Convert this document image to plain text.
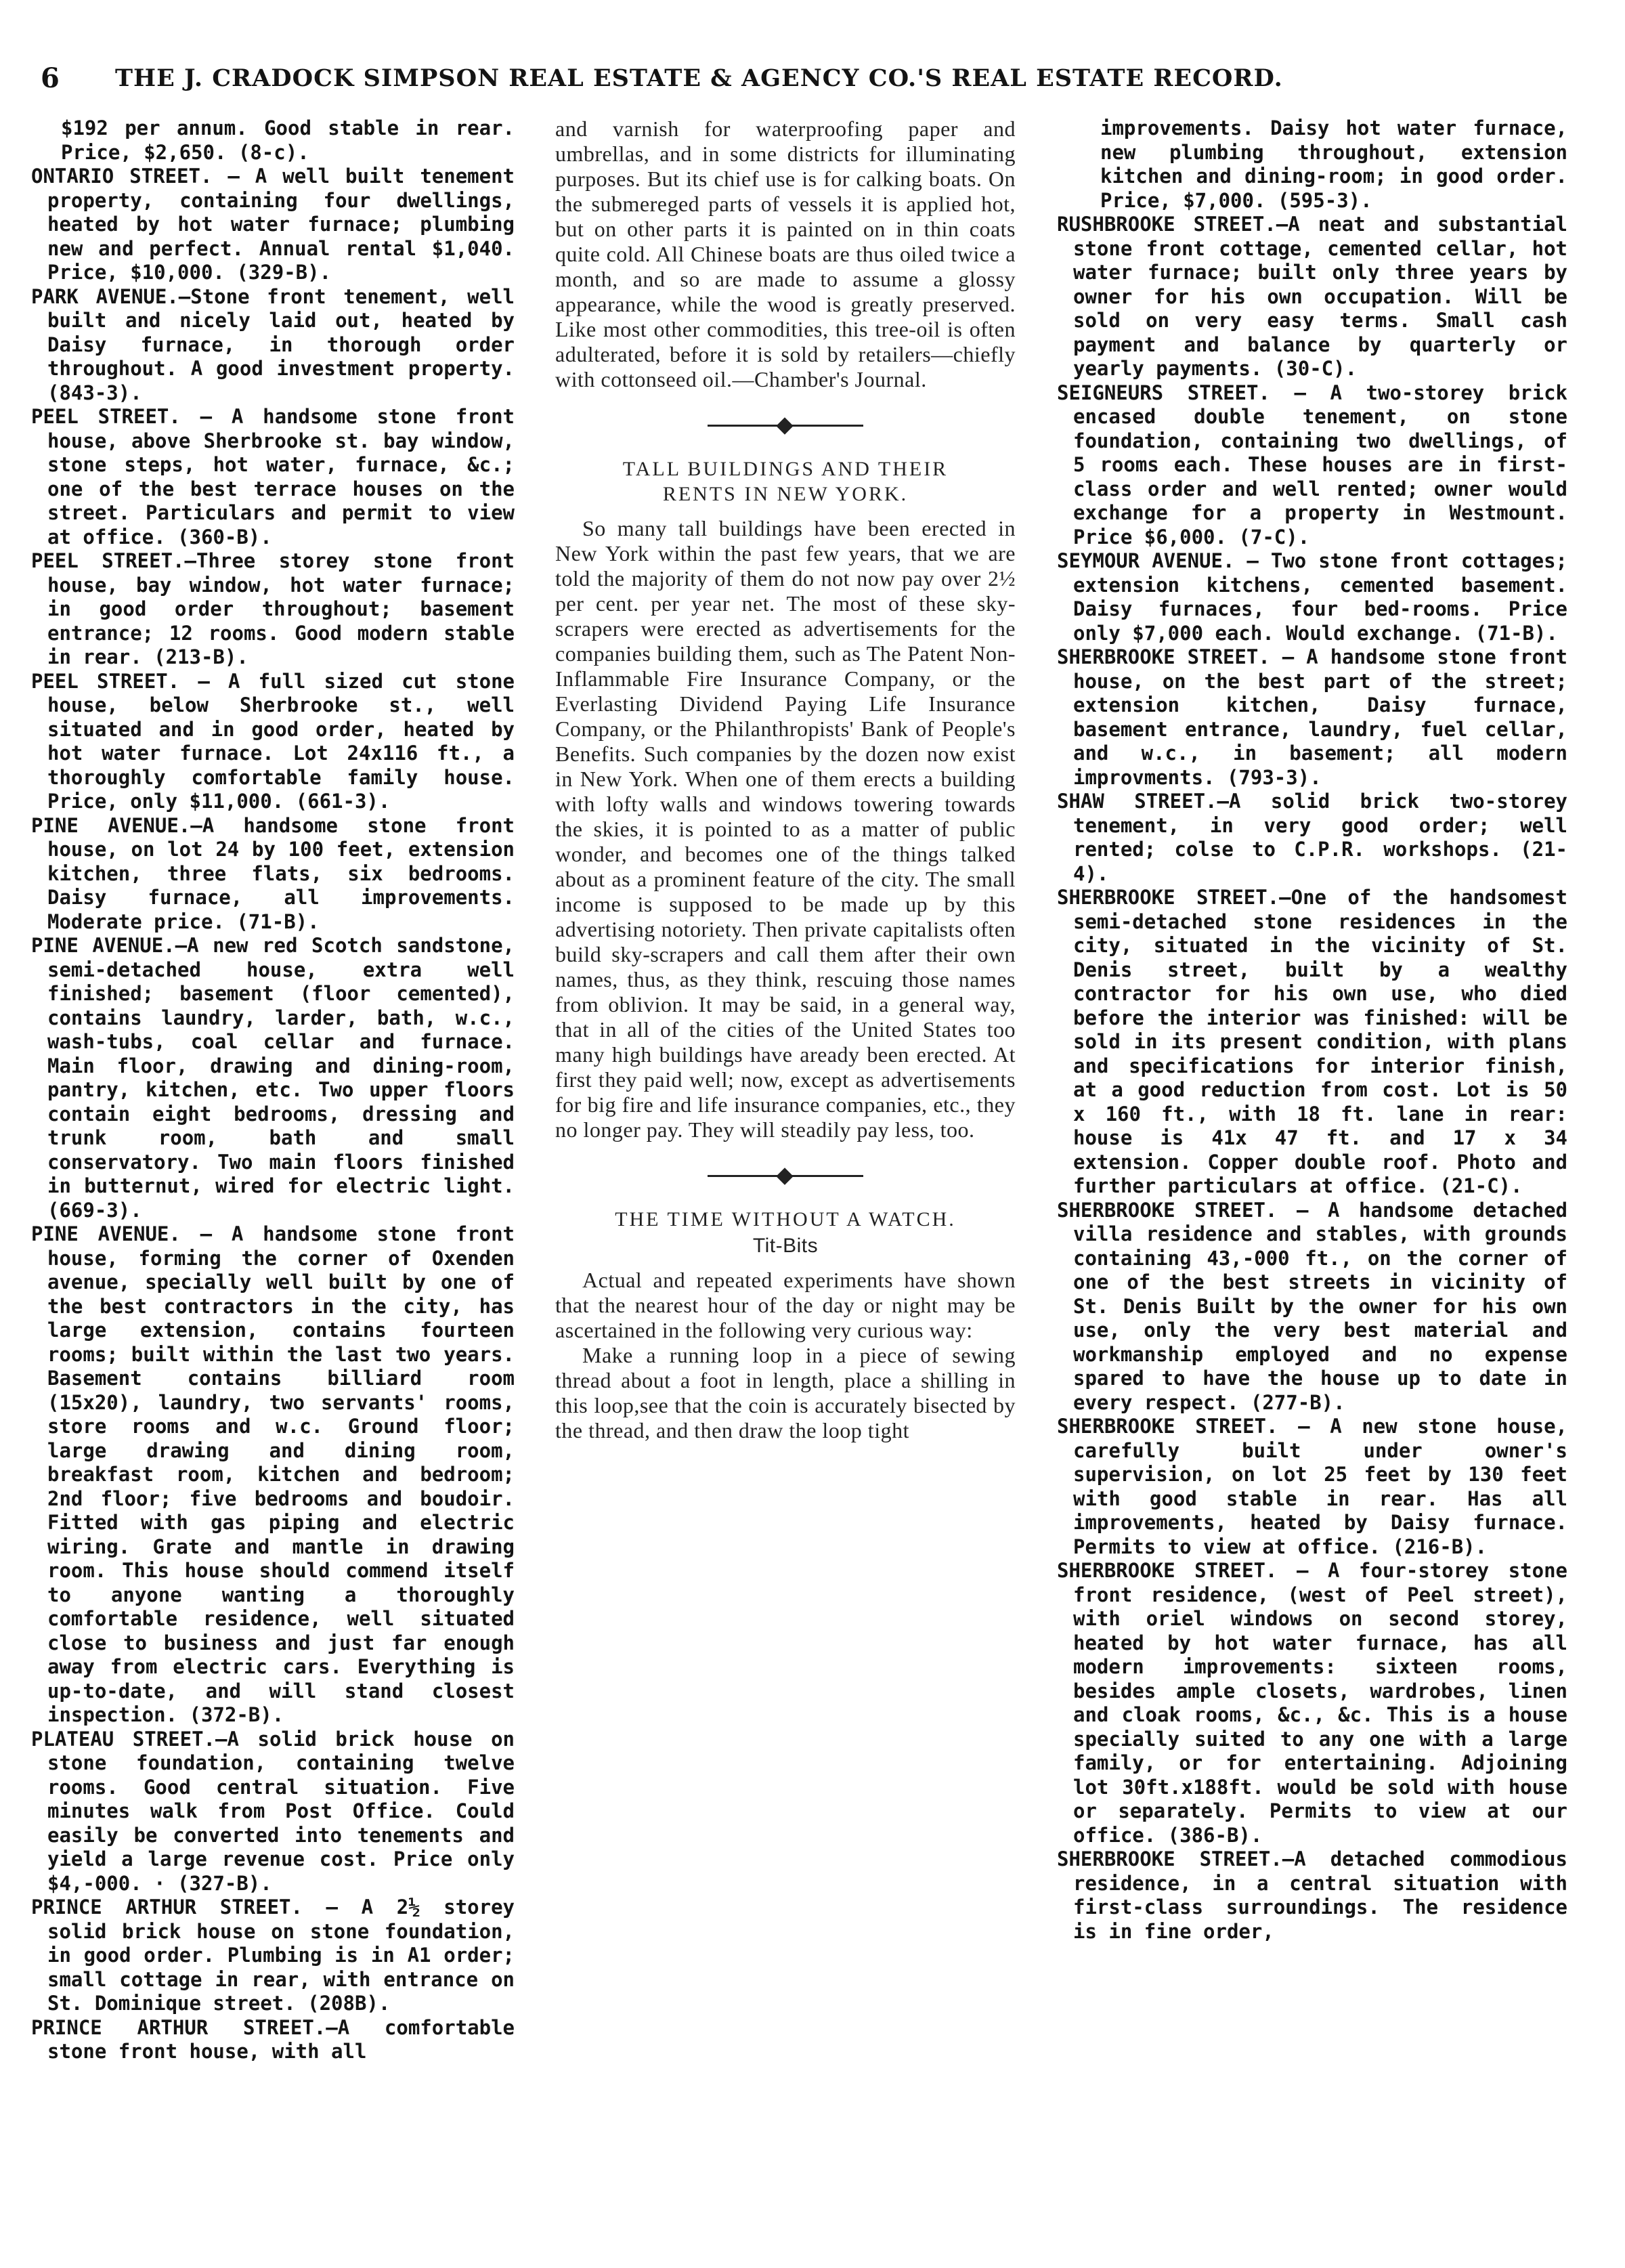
6	THE J. CRADOCK SIMPSON REAL ESTATE & AGENCY CO.'S REAL ESTATE RECORD.

$192 per annum. Good stable in rear. Price, $2,650. (8-c).

ONTARIO STREET. — A well built tenement property, containing four dwellings, heated by hot water furnace; plumbing new and perfect. Annual rental $1,040. Price, $10,000. (329-B).

PARK AVENUE.—Stone front tenement, well built and nicely laid out, heated by Daisy furnace, in thorough order throughout. A good investment property. (843-3).

PEEL STREET. — A handsome stone front house, above Sherbrooke st. bay window, stone steps, hot water, furnace, &c.; one of the best terrace houses on the street. Particulars and permit to view at office. (360-B).

PEEL STREET.—Three storey stone front house, bay window, hot water furnace; in good order throughout; basement entrance; 12 rooms. Good modern stable in rear. (213-B).

PEEL STREET. — A full sized cut stone house, below Sherbrooke st., well situated and in good order, heated by hot water furnace. Lot 24x116 ft., a thoroughly comfortable family house. Price, only $11,000. (661-3).

PINE AVENUE.—A handsome stone front house, on lot 24 by 100 feet, extension kitchen, three flats, six bedrooms. Daisy furnace, all improvements. Moderate price. (71-B).

PINE AVENUE.—A new red Scotch sandstone, semi-detached house, extra well finished; basement (floor cemented), contains laundry, larder, bath, w.c., wash-tubs, coal cellar and furnace. Main floor, drawing and dining-room, pantry, kitchen, etc. Two upper floors contain eight bedrooms, dressing and trunk room, bath and small conservatory. Two main floors finished in butternut, wired for electric light. (669-3).

PINE AVENUE. — A handsome stone front house, forming the corner of Oxenden avenue, specially well built by one of the best contractors in the city, has large extension, contains fourteen rooms; built within the last two years. Basement contains billiard room (15x20), laundry, two servants' rooms, store rooms and w.c. Ground floor; large drawing and dining room, breakfast room, kitchen and bedroom; 2nd floor; five bedrooms and boudoir. Fitted with gas piping and electric wiring. Grate and mantle in drawing room. This house should commend itself to anyone wanting a thoroughly comfortable residence, well situated close to business and just far enough away from electric cars. Everything is up-to-date, and will stand closest inspection. (372-B).

PLATEAU STREET.—A solid brick house on stone foundation, containing twelve rooms. Good central situation. Five minutes walk from Post Office. Could easily be converted into tenements and yield a large revenue cost. Price only $4,-000. · (327-B).

PRINCE ARTHUR STREET. — A 2½ storey solid brick house on stone foundation, in good order. Plumbing is in A1 order; small cottage in rear, with entrance on St. Dominique street. (208B).

PRINCE ARTHUR STREET.—A comfortable stone front house, with all

and varnish for waterproofing paper and umbrellas, and in some districts for illuminating purposes. But its chief use is for calking boats. On the submereged parts of vessels it is applied hot, but on other parts it is painted on in thin coats quite cold. All Chinese boats are thus oiled twice a month, and so are made to assume a glossy appearance, while the wood is greatly preserved. Like most other commodities, this tree-oil is often adulterated, before it is sold by retailers—chiefly with cottonseed oil.—Chamber's Journal.

TALL BUILDINGS AND THEIR

RENTS IN NEW YORK.

So many tall buildings have been erected in New York within the past few years, that we are told the majority of them do not now pay over 2½ per cent. per year net. The most of these sky-scrapers were erected as advertisements for the companies building them, such as The Patent Non-Inflammable Fire Insurance Company, or the Everlasting Dividend Paying Life Insurance Company, or the Philanthropists' Bank of People's Benefits. Such companies by the dozen now exist in New York. When one of them erects a building with lofty walls and windows towering towards the skies, it is pointed to as a matter of public wonder, and becomes one of the things talked about as a prominent feature of the city. The small income is supposed to be made up by this advertising notoriety. Then private capitalists often build sky-scrapers and call them after their own names, thus, as they think, rescuing those names from oblivion. It may be said, in a general way, that in all of the cities of the United States too many high buildings have aready been erected. At first they paid well; now, except as advertisements for big fire and life insurance companies, etc., they no longer pay. They will steadily pay less, too.

THE TIME WITHOUT A WATCH.

Tit-Bits

Actual and repeated experiments have shown that the nearest hour of the day or night may be ascertained in the following very curious way:

Make a running loop in a piece of sewing thread about a foot in length, place a shilling in this loop,see that the coin is accurately bisected by the thread, and then draw the loop tight

improvements. Daisy hot water furnace, new plumbing throughout, extension kitchen and dining-room; in good order. Price, $7,000. (595-3).

RUSHBROOKE STREET.—A neat and substantial stone front cottage, cemented cellar, hot water furnace; built only three years by owner for his own occupation. Will be sold on very easy terms. Small cash payment and balance by quarterly or yearly payments. (30-C).

SEIGNEURS STREET. — A two-storey brick encased double tenement, on stone foundation, containing two dwellings, of 5 rooms each. These houses are in first-class order and well rented; owner would exchange for a property in Westmount. Price $6,000. (7-C).

SEYMOUR AVENUE. — Two stone front cottages; extension kitchens, cemented basement. Daisy furnaces, four bed-rooms. Price only $7,000 each. Would exchange. (71-B).

SHERBROOKE STREET. — A handsome stone front house, on the best part of the street; extension kitchen, Daisy furnace, basement entrance, laundry, fuel cellar, and w.c., in basement; all modern improvments. (793-3).

SHAW STREET.—A solid brick two-storey tenement, in very good order; well rented; colse to C.P.R. workshops. (21-4).

SHERBROOKE STREET.—One of the handsomest semi-detached stone residences in the city, situated in the vicinity of St. Denis street, built by a wealthy contractor for his own use, who died before the interior was finished: will be sold in its present condition, with plans and specifications for interior finish, at a good reduction from cost. Lot is 50 x 160 ft., with 18 ft. lane in rear: house is 41x 47 ft. and 17 x 34 extension. Copper double roof. Photo and further particulars at office. (21-C).

SHERBROOKE STREET. — A handsome detached villa residence and stables, with grounds containing 43,-000 ft., on the corner of one of the best streets in vicinity of St. Denis Built by the owner for his own use, only the very best material and workmanship employed and no expense spared to have the house up to date in every respect. (277-B).

SHERBROOKE STREET. — A new stone house, carefully built under owner's supervision, on lot 25 feet by 130 feet with good stable in rear. Has all improvements, heated by Daisy furnace. Permits to view at office. (216-B).

SHERBROOKE STREET. — A four-storey stone front residence, (west of Peel street), with oriel windows on second storey, heated by hot water furnace, has all modern improvements: sixteen rooms, besides ample closets, wardrobes, linen and cloak rooms, &c., &c. This is a house specially suited to any one with a large family, or for entertaining. Adjoining lot 30ft.x188ft. would be sold with house or separately. Permits to view at our office. (386-B).

SHERBROOKE STREET.—A detached commodious residence, in a central situation with first-class surroundings. The residence is in fine order,
